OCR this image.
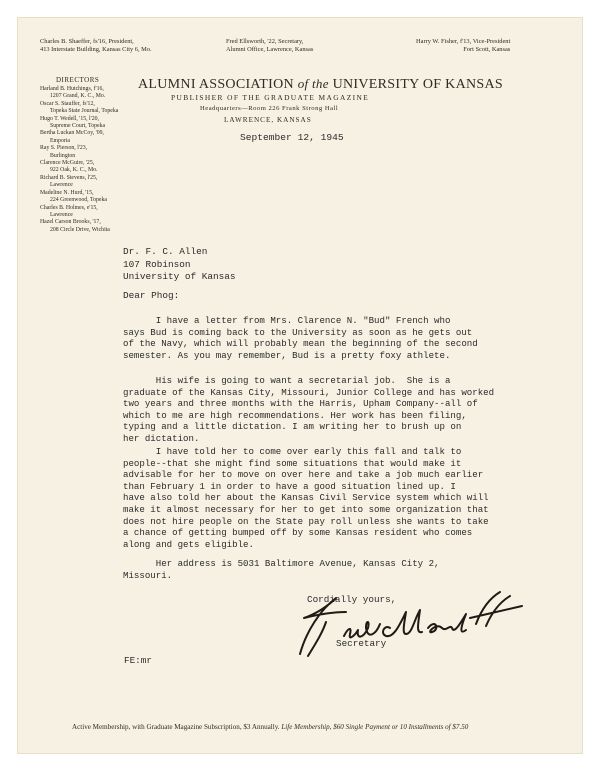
Charles B. Shaeffer, fs'16, President,
413 Interstate Building, Kansas City 6, Mo.
Fred Ellsworth, '22, Secretary,
Alumni Office, Lawrence, Kansas
Harry W. Fisher, f'13, Vice-President
Fort Scott, Kansas
DIRECTORS
Harland B. Hutchings, f'16,
1207 Grand, K. C., Mo.
Oscar S. Stauffer, fs'12,
Topeka State Journal, Topeka
Hugo T. Wedell, '15, l'20,
Supreme Court, Topeka
Bertha Luckan McCoy, '09,
Emporia
Ray S. Pierson, l'23,
Burlington
Clarence McGuire, '25,
922 Oak, K. C., Mo.
Richard B. Stevens, l'25,
Lawrence
Madeline N. Hurd, '15,
224 Greenwood, Topeka
Charles B. Holmes, e'15,
Lawrence
Hazel Carson Brooks, '17,
208 Circle Drive, Wichita
ALUMNI ASSOCIATION of the UNIVERSITY OF KANSAS
PUBLISHER OF THE GRADUATE MAGAZINE
Headquarters—Room 226 Frank Strong Hall
LAWRENCE, KANSAS
September 12, 1945
Dr. F. C. Allen
107 Robinson
University of Kansas
Dear Phog:
I have a letter from Mrs. Clarence N. "Bud" French who
says Bud is coming back to the University as soon as he gets out
of the Navy, which will probably mean the beginning of the second
semester. As you may remember, Bud is a pretty foxy athlete.
His wife is going to want a secretarial job.  She is a
graduate of the Kansas City, Missouri, Junior College and has worked
two years and three months with the Harris, Upham Company--all of
which to me are high recommendations. Her work has been filing,
typing and a little dictation. I am writing her to brush up on
her dictation.
I have told her to come over early this fall and talk to
people--that she might find some situations that would make it
advisable for her to move on over here and take a job much earlier
than February 1 in order to have a good situation lined up. I
have also told her about the Kansas Civil Service system which will
make it almost necessary for her to get into some organization that
does not hire people on the State pay roll unless she wants to take
a chance of getting bumped off by some Kansas resident who comes
along and gets eligible.
Her address is 5031 Baltimore Avenue, Kansas City 2,
Missouri.
Cordially yours,
Secretary
FE:mr
Active Membership, with Graduate Magazine Subscription, $3 Annually. Life Membership, $60 Single Payment or 10 Installments of $7.50
